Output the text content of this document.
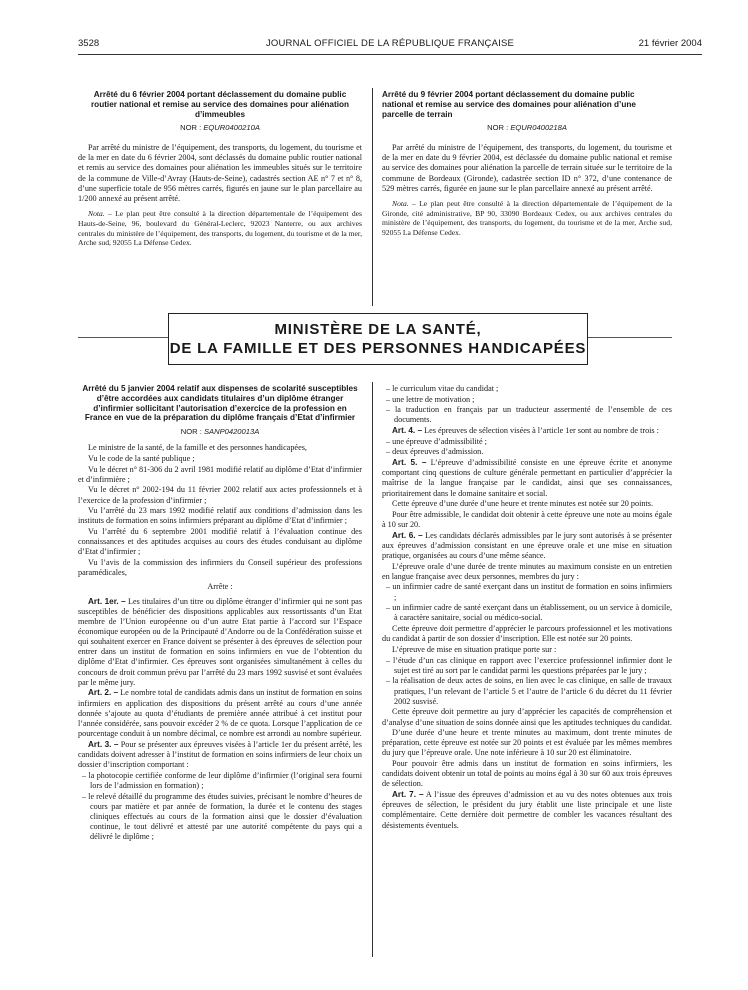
JOURNAL OFFICIEL DE LA RÉPUBLIQUE FRANÇAISE
3528	21 février 2004
Arrêté du 6 février 2004 portant déclassement du domaine public routier national et remise au service des domaines pour aliénation d’immeubles
NOR : EQUR0400210A

Par arrêté du ministre de l’équipement, des transports, du logement, du tourisme et de la mer en date du 6 février 2004, sont déclassés du domaine public routier national et remis au service des domaines pour aliénation les immeubles situés sur le territoire de la commune de Ville-d’Avray (Hauts-de-Seine), cadastrés section AE n° 7 et n° 8, d’une superficie totale de 956 mètres carrés, figurés en jaune sur le plan parcellaire au 1/200 annexé au présent arrêté.

Nota. – Le plan peut être consulté à la direction départementale de l’équipement des Hauts-de-Seine, 96, boulevard du Général-Leclerc, 92023 Nanterre, ou aux archives centrales du ministère de l’équipement, des transports, du logement, du tourisme et de la mer, Arche sud, 92055 La Défense Cedex.

Arrêté du 9 février 2004 portant déclassement du domaine public national et remise au service des domaines pour aliénation d’une parcelle de terrain
NOR : EQUR0400218A

Par arrêté du ministre de l’équipement, des transports, du logement, du tourisme et de la mer en date du 9 février 2004, est déclassée du domaine public national et remise au service des domaines pour aliénation la parcelle de terrain située sur le territoire de la commune de Bordeaux (Gironde), cadastrée section ID n° 372, d’une contenance de 529 mètres carrés, figurée en jaune sur le plan parcellaire annexé au présent arrêté.

Nota. – Le plan peut être consulté à la direction départementale de l’équipement de la Gironde, cité administrative, BP 90, 33090 Bordeaux Cedex, ou aux archives centrales du ministère de l’équipement, des transports, du logement, du tourisme et de la mer, Arche sud, 92055 La Défense Cedex.

MINISTÈRE DE LA SANTÉ,
DE LA FAMILLE ET DES PERSONNES HANDICAPÉES
Arrêté du 5 janvier 2004 relatif aux dispenses de scolarité susceptibles d’être accordées aux candidats titulaires d’un diplôme étranger d’infirmier sollicitant l’autorisation d’exercice de la profession en France en vue de la préparation du diplôme français d’Etat d’infirmier
NOR : SANP0420013A

Le ministre de la santé, de la famille et des personnes handicapées,

Vu le code de la santé publique ;

Vu le décret n° 81-306 du 2 avril 1981 modifié relatif au diplôme d’Etat d’infirmier et d’infirmière ;

Vu le décret n° 2002-194 du 11 février 2002 relatif aux actes professionnels et à l’exercice de la profession d’infirmier ;

Vu l’arrêté du 23 mars 1992 modifié relatif aux conditions d’admission dans les instituts de formation en soins infirmiers préparant au diplôme d’Etat d’infirmier ;

Vu l’arrêté du 6 septembre 2001 modifié relatif à l’évaluation continue des connaissances et des aptitudes acquises au cours des études conduisant au diplôme d’Etat d’infirmier ;

Vu l’avis de la commission des infirmiers du Conseil supérieur des professions paramédicales,

Arrête :

Art. 1er. – Les titulaires d’un titre ou diplôme étranger d’infirmier qui ne sont pas susceptibles de bénéficier des dispositions applicables aux ressortissants d’un Etat membre de l’Union européenne ou d’un autre Etat partie à l’accord sur l’Espace économique européen ou de la Principauté d’Andorre ou de la Confédération suisse et qui souhaitent exercer en France doivent se présenter à des épreuves de sélection pour entrer dans un institut de formation en soins infirmiers en vue de l’obtention du diplôme d’Etat d’infirmier. Ces épreuves sont organisées simultanément à celles du concours de droit commun prévu par l’arrêté du 23 mars 1992 susvisé et sont évaluées par le même jury.

Art. 2. – Le nombre total de candidats admis dans un institut de formation en soins infirmiers en application des dispositions du présent arrêté au cours d’une année donnée s’ajoute au quota d’étudiants de première année attribué à cet institut pour l’année considérée, sans pouvoir excéder 2 % de ce quota. Lorsque l’application de ce pourcentage conduit à un nombre décimal, ce nombre est arrondi au nombre supérieur.

Art. 3. – Pour se présenter aux épreuves visées à l’article 1er du présent arrêté, les candidats doivent adresser à l’institut de formation en soins infirmiers de leur choix un dossier d’inscription comportant :

– la photocopie certifiée conforme de leur diplôme d’infirmier (l’original sera fourni lors de l’admission en formation) ;

– le relevé détaillé du programme des études suivies, précisant le nombre d’heures de cours par matière et par année de formation, la durée et le contenu des stages cliniques effectués au cours de la formation ainsi que le dossier d’évaluation continue, le tout délivré et attesté par une autorité compétente du pays qui a délivré le diplôme ;

– le curriculum vitae du candidat ;

– une lettre de motivation ;

– la traduction en français par un traducteur assermenté de l’ensemble de ces documents.

Art. 4. – Les épreuves de sélection visées à l’article 1er sont au nombre de trois :

– une épreuve d’admissibilité ;

– deux épreuves d’admission.

Art. 5. – L’épreuve d’admissibilité consiste en une épreuve écrite et anonyme comportant cinq questions de culture générale permettant en particulier d’apprécier la maîtrise de la langue française par le candidat, ainsi que ses connaissances, prioritairement dans le domaine sanitaire et social.

Cette épreuve d’une durée d’une heure et trente minutes est notée sur 20 points.

Pour être admissible, le candidat doit obtenir à cette épreuve une note au moins égale à 10 sur 20.

Art. 6. – Les candidats déclarés admissibles par le jury sont autorisés à se présenter aux épreuves d’admission consistant en une épreuve orale et une mise en situation pratique, organisées au cours d’une même séance.

L’épreuve orale d’une durée de trente minutes au maximum consiste en un entretien en langue française avec deux personnes, membres du jury :

– un infirmier cadre de santé exerçant dans un institut de formation en soins infirmiers ;

– un infirmier cadre de santé exerçant dans un établissement, ou un service à domicile, à caractère sanitaire, social ou médico-social.

Cette épreuve doit permettre d’apprécier le parcours professionnel et les motivations du candidat à partir de son dossier d’inscription. Elle est notée sur 20 points.

L’épreuve de mise en situation pratique porte sur :

– l’étude d’un cas clinique en rapport avec l’exercice professionnel infirmier dont le sujet est tiré au sort par le candidat parmi les questions préparées par le jury ;

– la réalisation de deux actes de soins, en lien avec le cas clinique, en salle de travaux pratiques, l’un relevant de l’article 5 et l’autre de l’article 6 du décret du 11 février 2002 susvisé.

Cette épreuve doit permettre au jury d’apprécier les capacités de compréhension et d’analyse d’une situation de soins donnée ainsi que les aptitudes techniques du candidat.

D’une durée d’une heure et trente minutes au maximum, dont trente minutes de préparation, cette épreuve est notée sur 20 points et est évaluée par les mêmes membres du jury que l’épreuve orale. Une note inférieure à 10 sur 20 est éliminatoire.

Pour pouvoir être admis dans un institut de formation en soins infirmiers, les candidats doivent obtenir un total de points au moins égal à 30 sur 60 aux trois épreuves de sélection.

Art. 7. – A l’issue des épreuves d’admission et au vu des notes obtenues aux trois épreuves de sélection, le président du jury établit une liste principale et une liste complémentaire. Cette dernière doit permettre de combler les vacances résultant des désistements éventuels.
